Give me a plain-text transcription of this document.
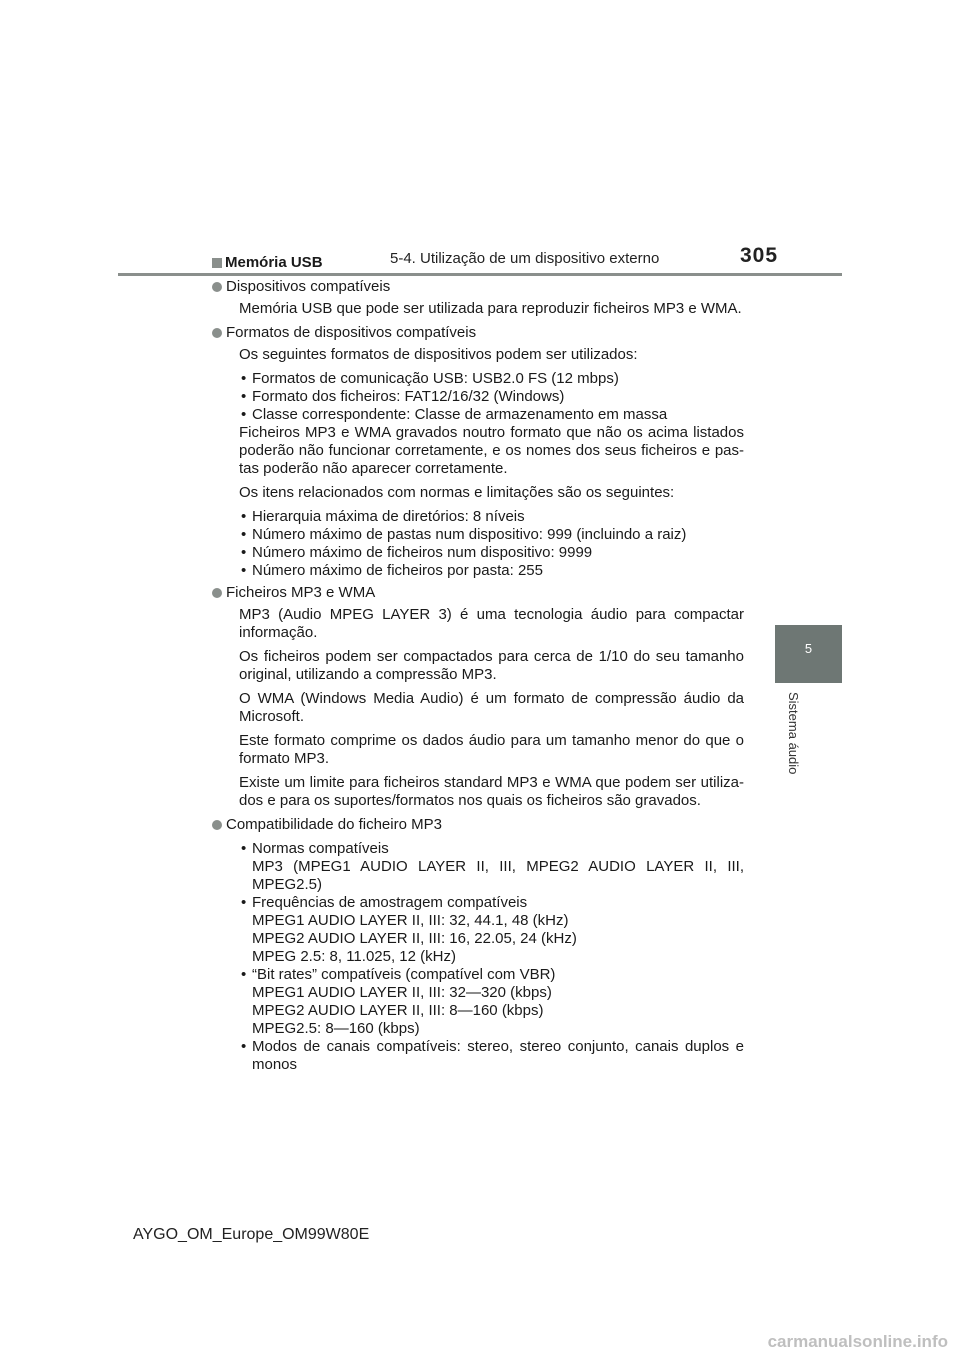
5-4. Utilização de um dispositivo externo	305
5
Sistema áudio
Memória USB
Dispositivos compatíveis
Memória USB que pode ser utilizada para reproduzir ficheiros MP3 e WMA.
Formatos de dispositivos compatíveis
Os seguintes formatos de dispositivos podem ser utilizados:
• Formatos de comunicação USB: USB2.0 FS (12 mbps)
• Formato dos ficheiros: FAT12/16/32 (Windows)
• Classe correspondente: Classe de armazenamento em massa
Ficheiros MP3 e WMA gravados noutro formato que não os acima listados poderão não funcionar corretamente, e os nomes dos seus ficheiros e pas-tas poderão não aparecer corretamente.
Os itens relacionados com normas e limitações são os seguintes:
• Hierarquia máxima de diretórios: 8 níveis
• Número máximo de pastas num dispositivo: 999 (incluindo a raiz)
• Número máximo de ficheiros num dispositivo: 9999
• Número máximo de ficheiros por pasta: 255
Ficheiros MP3 e WMA
MP3 (Audio MPEG LAYER 3) é uma tecnologia áudio para compactar informação.
Os ficheiros podem ser compactados para cerca de 1/10 do seu tamanho original, utilizando a compressão MP3.
O WMA (Windows Media Audio) é um formato de compressão áudio da Microsoft.
Este formato comprime os dados áudio para um tamanho menor do que o formato MP3.
Existe um limite para ficheiros standard MP3 e WMA que podem ser utiliza-dos e para os suportes/formatos nos quais os ficheiros são gravados.
Compatibilidade do ficheiro MP3
• Normas compatíveis
MP3 (MPEG1 AUDIO LAYER II, III, MPEG2 AUDIO LAYER II, III, MPEG2.5)
• Frequências de amostragem compatíveis
MPEG1 AUDIO LAYER II, III: 32, 44.1, 48 (kHz)
MPEG2 AUDIO LAYER II, III: 16, 22.05, 24 (kHz)
MPEG 2.5: 8, 11.025, 12 (kHz)
• “Bit rates” compatíveis (compatível com VBR)
MPEG1 AUDIO LAYER II, III: 32—320 (kbps)
MPEG2 AUDIO LAYER II, III: 8—160 (kbps)
MPEG2.5: 8—160 (kbps)
• Modos de canais compatíveis: stereo, stereo conjunto, canais duplos e monos
AYGO_OM_Europe_OM99W80E
carmanualsonline.info
